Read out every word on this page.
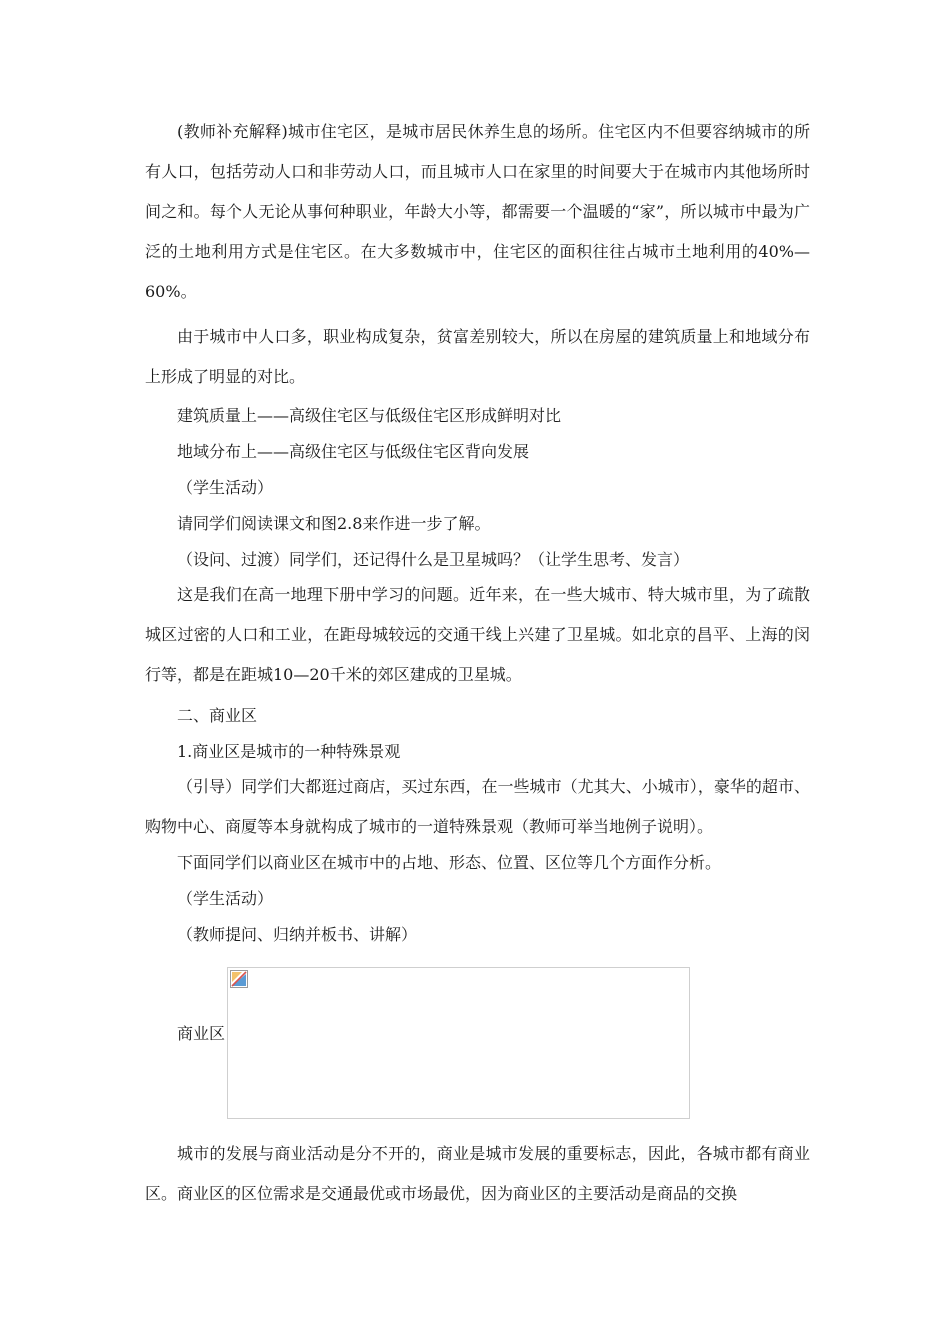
(教师补充解释)城市住宅区，是城市居民休养生息的场所。住宅区内不但要容纳城市的所有人口，包括劳动人口和非劳动人口，而且城市人口在家里的时间要大于在城市内其他场所时间之和。每个人无论从事何种职业，年龄大小等，都需要一个温暖的“家”，所以城市中最为广泛的土地利用方式是住宅区。在大多数城市中，住宅区的面积往往占城市土地利用的40%—60%。

由于城市中人口多，职业构成复杂，贫富差别较大，所以在房屋的建筑质量上和地域分布上形成了明显的对比。

建筑质量上——高级住宅区与低级住宅区形成鲜明对比

地域分布上——高级住宅区与低级住宅区背向发展

（学生活动）

请同学们阅读课文和图2.8来作进一步了解。

（设问、过渡）同学们，还记得什么是卫星城吗？（让学生思考、发言）

这是我们在高一地理下册中学习的问题。近年来，在一些大城市、特大城市里，为了疏散城区过密的人口和工业，在距母城较远的交通干线上兴建了卫星城。如北京的昌平、上海的闵行等，都是在距城10—20千米的郊区建成的卫星城。

二、商业区

1.商业区是城市的一种特殊景观

（引导）同学们大都逛过商店，买过东西，在一些城市（尤其大、小城市），豪华的超市、购物中心、商厦等本身就构成了城市的一道特殊景观（教师可举当地例子说明）。

下面同学们以商业区在城市中的占地、形态、位置、区位等几个方面作分析。

（学生活动）

（教师提问、归纳并板书、讲解）

商业区

城市的发展与商业活动是分不开的，商业是城市发展的重要标志，因此，各城市都有商业区。商业区的区位需求是交通最优或市场最优，因为商业区的主要活动是商品的交换
